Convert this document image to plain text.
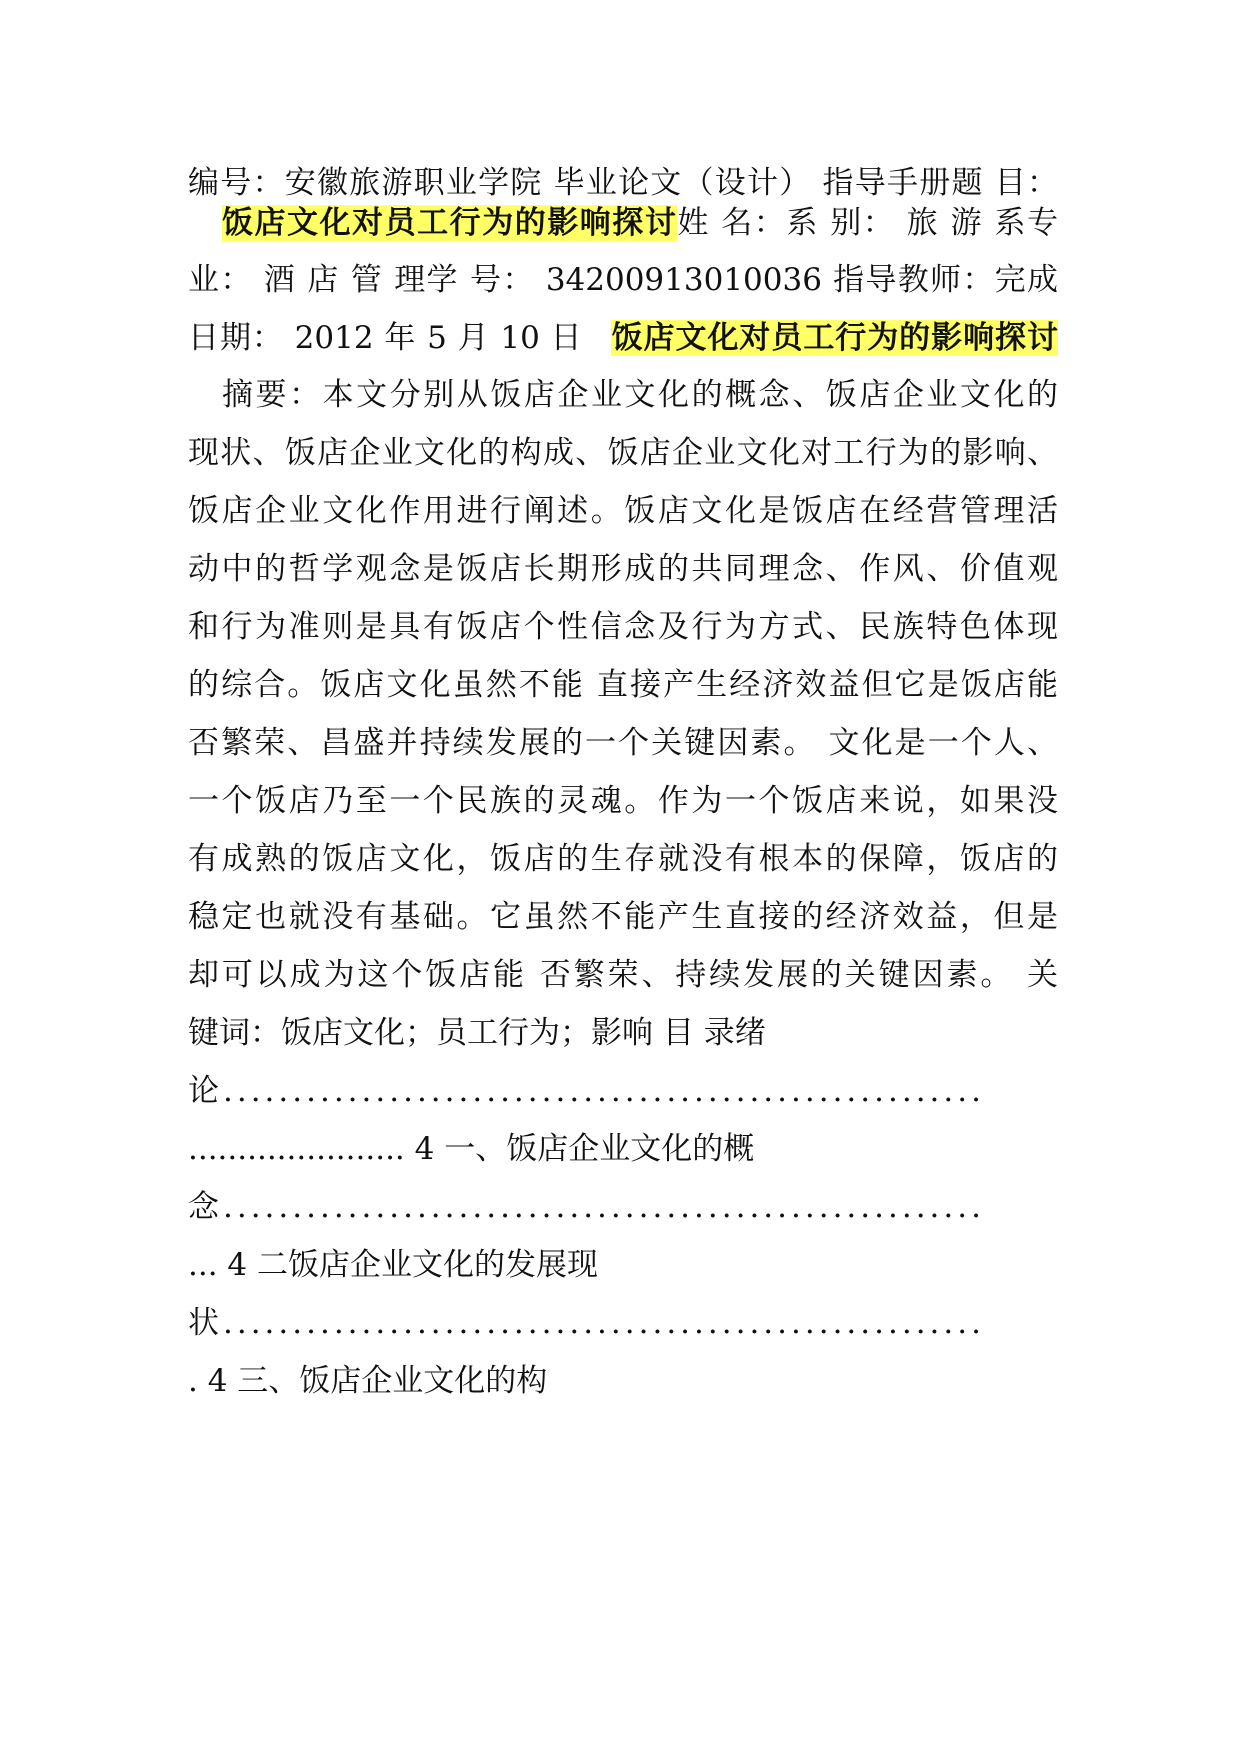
编号：安徽旅游职业学院 毕业论文（设计） 指导手册题 目：
饭店文化对员工行为的影响探讨姓 名：系 别： 旅 游 系专
业： 酒 店 管 理学 号： 34200913010036 指导教师：完成
日期： 2012 年 5 月 10 日 饭店文化对员工行为的影响探讨
摘要：本文分别从饭店企业文化的概念、饭店企业文化的
现状、饭店企业文化的构成、饭店企业文化对工行为的影响、
饭店企业文化作用进行阐述。饭店文化是饭店在经营管理活
动中的哲学观念是饭店长期形成的共同理念、作风、价值观
和行为准则是具有饭店个性信念及行为方式、民族特色体现
的综合。饭店文化虽然不能 直接产生经济效益但它是饭店能
否繁荣、昌盛并持续发展的一个关键因素。 文化是一个人、
一个饭店乃至一个民族的灵魂。作为一个饭店来说，如果没
有成熟的饭店文化，饭店的生存就没有根本的保障，饭店的
稳定也就没有基础。它虽然不能产生直接的经济效益，但是
却可以成为这个饭店能 否繁荣、持续发展的关键因素。 关
键词：饭店文化；员工行为；影响 目 录绪
论.......................................................
...................... 4 一、饭店企业文化的概
念.......................................................
... 4 二饭店企业文化的发展现
状.......................................................
. 4 三、饭店企业文化的构
